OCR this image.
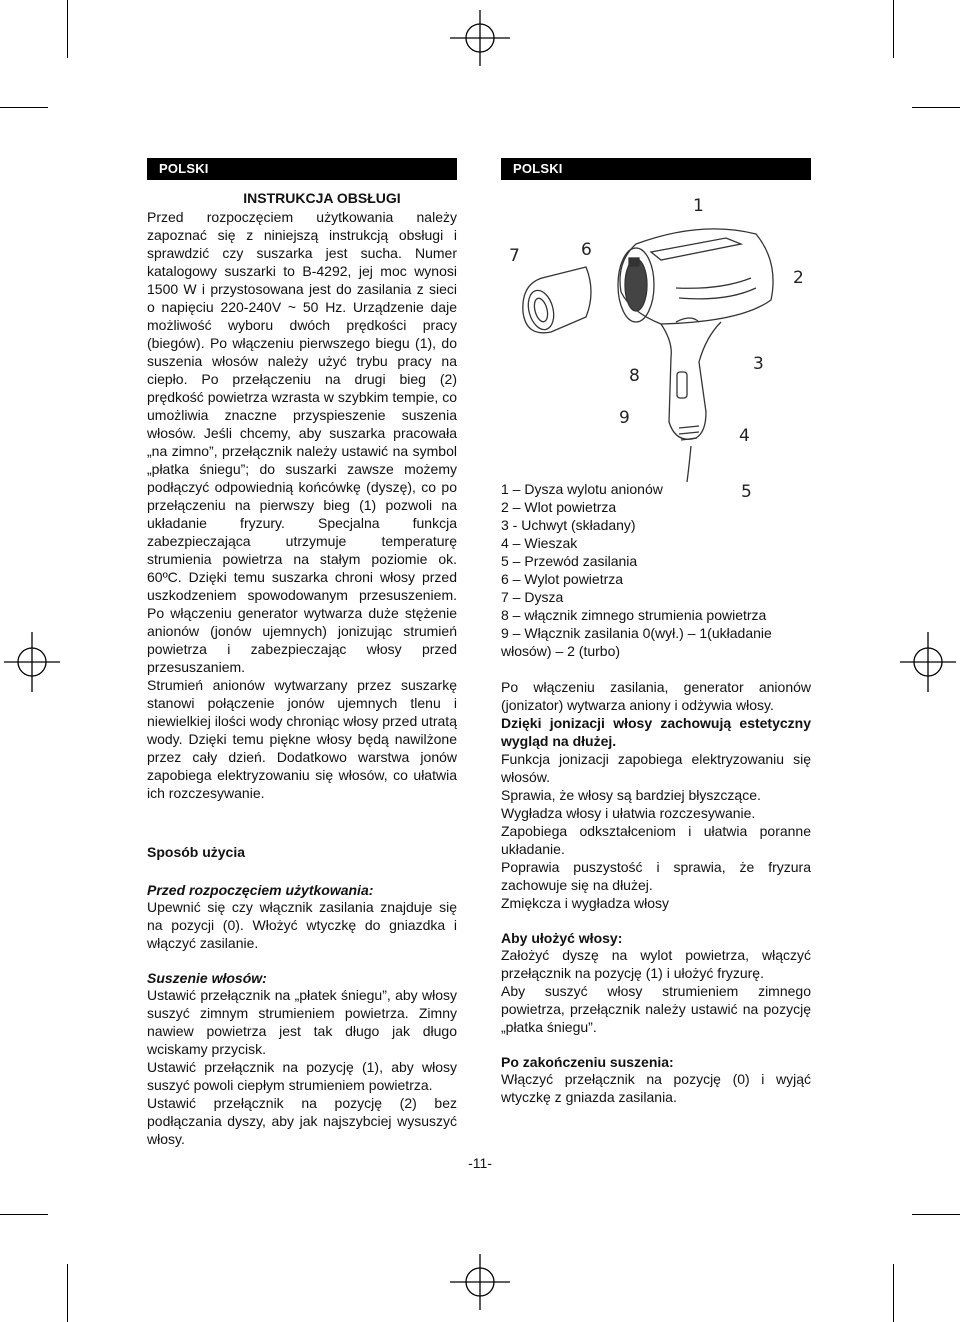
POLSKI
INSTRUKCJA OBSŁUGI

Przed rozpoczęciem użytkowania należy zapoznać się z niniejszą instrukcją obsługi i sprawdzić czy suszarka jest sucha. Numer katalogowy suszarki to B-4292, jej moc wynosi 1500 W i przystosowana jest do zasilania z sieci o napięciu 220-240V ~ 50 Hz. Urządzenie daje możliwość wyboru dwóch prędkości pracy (biegów). Po włączeniu pierwszego biegu (1), do suszenia włosów należy użyć trybu pracy na ciepło. Po przełączeniu na drugi bieg (2) prędkość powietrza wzrasta w szybkim tempie, co umożliwia znaczne przyspieszenie suszenia włosów. Jeśli chcemy, aby suszarka pracowała „na zimno”, przełącznik należy ustawić na symbol „płatka śniegu”; do suszarki zawsze możemy podłączyć odpowiednią końcówkę (dyszę), co po przełączeniu na pierwszy bieg (1) pozwoli na układanie fryzury. Specjalna funkcja zabezpieczająca utrzymuje temperaturę strumienia powietrza na stałym poziomie ok. 60ºC. Dzięki temu suszarka chroni włosy przed uszkodzeniem spowodowanym przesuszeniem. Po włączeniu generator wytwarza duże stężenie anionów (jonów ujemnych) jonizując strumień powietrza i zabezpieczając włosy przed przesuszaniem.

Strumień anionów wytwarzany przez suszarkę stanowi połączenie jonów ujemnych tlenu i niewielkiej ilości wody chroniąc włosy przed utratą wody. Dzięki temu piękne włosy będą nawilżone przez cały dzień. Dodatkowo warstwa jonów zapobiega elektryzowaniu się włosów, co ułatwia ich rozczesywanie.

Sposób użycia

Przed rozpoczęciem użytkowania:

Upewnić się czy włącznik zasilania znajduje się na pozycji (0). Włożyć wtyczkę do gniazdka i włączyć zasilanie.

Suszenie włosów:

Ustawić przełącznik na „płatek śniegu”, aby włosy suszyć zimnym strumieniem powietrza. Zimny nawiew powietrza jest tak długo jak długo wciskamy przycisk.

Ustawić przełącznik na pozycję (1), aby włosy suszyć powoli ciepłym strumieniem powietrza.

Ustawić przełącznik na pozycję (2) bez podłączania dyszy, aby jak najszybciej wysuszyć włosy.

POLSKI
1
2
3
4
5
6
7
8
9

1 – Dysza wylotu anionów

2 – Wlot powietrza

3 - Uchwyt (składany)

4 – Wieszak

5 – Przewód zasilania

6 – Wylot powietrza

7 – Dysza

8 – włącznik zimnego strumienia powietrza

9 – Włącznik zasilania 0(wył.) – 1(układanie włosów) – 2 (turbo)

Po włączeniu zasilania, generator anionów (jonizator) wytwarza aniony i odżywia włosy.

Dzięki jonizacji włosy zachowują estetyczny wygląd na dłużej.

Funkcja jonizacji zapobiega elektryzowaniu się włosów.

Sprawia, że włosy są bardziej błyszczące.

Wygładza włosy i ułatwia rozczesywanie.

Zapobiega odkształceniom i ułatwia poranne układanie.

Poprawia puszystość i sprawia, że fryzura zachowuje się na dłużej.

Zmiękcza i wygładza włosy

Aby ułożyć włosy:

Założyć dyszę na wylot powietrza, włączyć przełącznik na pozycję (1) i ułożyć fryzurę.

Aby suszyć włosy strumieniem zimnego powietrza, przełącznik należy ustawić na pozycję „płatka śniegu”.

Po zakończeniu suszenia:

Włączyć przełącznik na pozycję (0) i wyjąć wtyczkę z gniazda zasilania.

-11-
